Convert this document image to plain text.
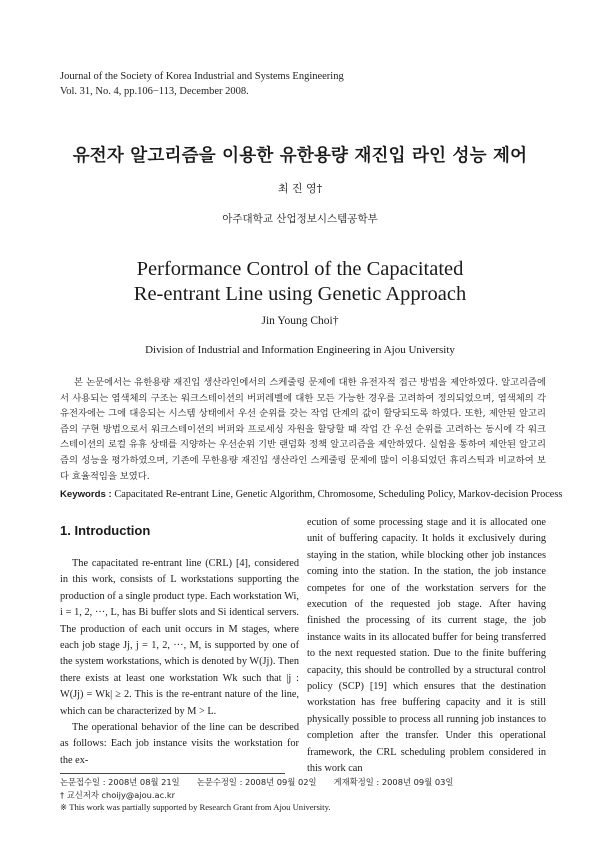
Journal of the Society of Korea Industrial and Systems Engineering
Vol. 31, No. 4, pp.106−113, December 2008.
유전자 알고리즘을 이용한 유한용량 재진입 라인 성능 제어
최 진 영†
아주대학교 산업정보시스템공학부
Performance Control of the Capacitated
Re-entrant Line using Genetic Approach
Jin Young Choi†
Division of Industrial and Information Engineering in Ajou University
본 논문에서는 유한용량 재진입 생산라인에서의 스케줄링 문제에 대한 유전자적 접근 방법을 제안하였다. 알고리즘에서 사용되는 염색체의 구조는 워크스테이션의 버퍼레벨에 대한 모든 가능한 경우를 고려하여 정의되었으며, 염색체의 각 유전자에는 그에 대응되는 시스템 상태에서 우선 순위를 갖는 작업 단계의 값이 할당되도록 하였다. 또한, 제안된 알고리즘의 구현 방법으로서 워크스테이션의 버퍼와 프로세싱 자원을 할당할 때 작업 간 우선 순위를 고려하는 동시에 각 워크스테이션의 로컬 유휴 상태를 지양하는 우선순위 기반 랜덤화 정책 알고리즘을 제안하였다. 실험을 통하여 제안된 알고리즘의 성능을 평가하였으며, 기존에 무한용량 재진입 생산라인 스케줄링 문제에 많이 이용되었던 휴리스틱과 비교하여 보다 효율적임을 보였다.
Keywords : Capacitated Re-entrant Line, Genetic Algorithm, Chromosome, Scheduling Policy, Markov-decision Process
1. Introduction

The capacitated re-entrant line (CRL) [4], considered in this work, consists of L workstations supporting the production of a single product type. Each workstation Wi, i = 1, 2, ···, L, has Bi buffer slots and Si identical servers. The production of each unit occurs in M stages, where each job stage Jj, j = 1, 2, ···, M, is supported by one of the system workstations, which is denoted by W(Jj). Then there exists at least one workstation Wk such that |j : W(Jj) = Wk| ≥ 2. This is the re-entrant nature of the line, which can be characterized by M > L.

The operational behavior of the line can be described as follows: Each job instance visits the workstation for the ex-

ecution of some processing stage and it is allocated one unit of buffering capacity. It holds it exclusively during staying in the station, while blocking other job instances coming into the station. In the station, the job instance competes for one of the workstation servers for the execution of the requested job stage. After having finished the processing of its current stage, the job instance waits in its allocated buffer for being transferred to the next requested station. Due to the finite buffering capacity, this should be controlled by a structural control policy (SCP) [19] which ensures that the destination workstation has free buffering capacity and it is still physically possible to process all running job instances to completion after the transfer. Under this operational framework, the CRL scheduling problem considered in this work can

논문접수일 : 2008년 08월 21일 논문수정일 : 2008년 09월 02일 게재확정일 : 2008년 09월 03일
† 교신저자 choijy@ajou.ac.kr
※ This work was partially supported by Research Grant from Ajou University.
